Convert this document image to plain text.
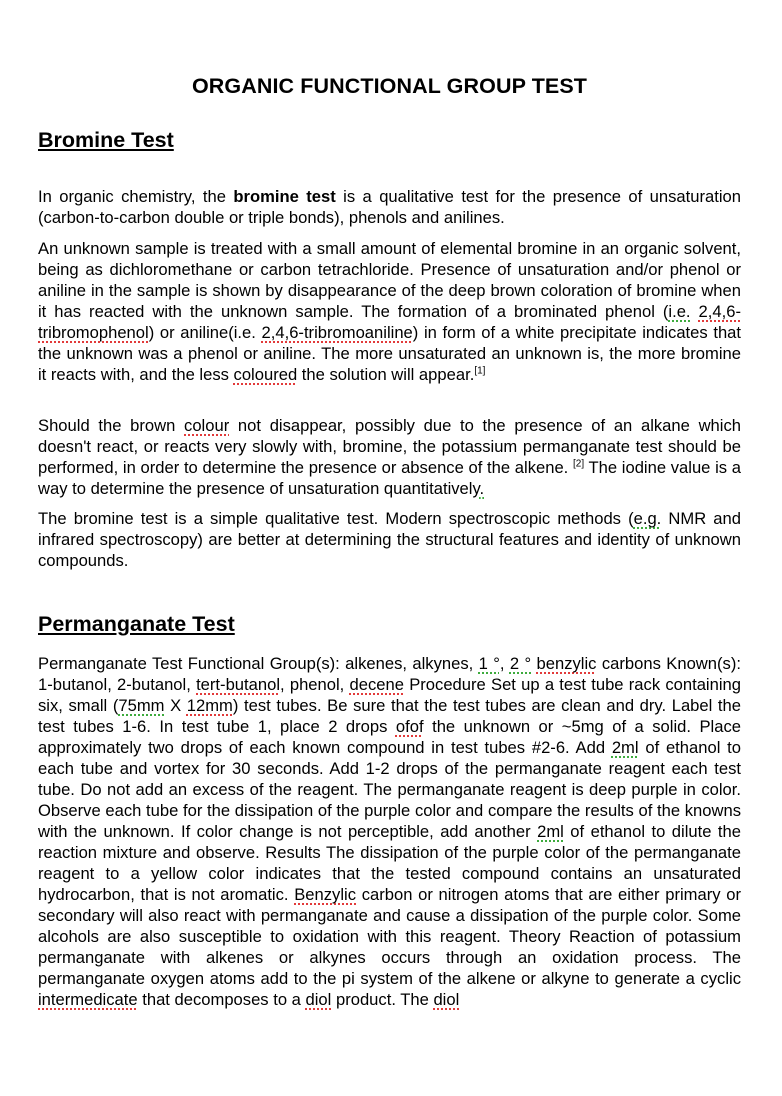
ORGANIC FUNCTIONAL GROUP TEST
Bromine Test

In organic chemistry, the bromine test is a qualitative test for the presence of unsaturation (carbon-to-carbon double or triple bonds), phenols and anilines.

An unknown sample is treated with a small amount of elemental bromine in an organic solvent, being as dichloromethane or carbon tetrachloride. Presence of unsaturation and/or phenol or aniline in the sample is shown by disappearance of the deep brown coloration of bromine when it has reacted with the unknown sample. The formation of a brominated phenol (i.e. 2,4,6-tribromophenol) or aniline(i.e. 2,4,6-tribromoaniline) in form of a white precipitate indicates that the unknown was a phenol or aniline. The more unsaturated an unknown is, the more bromine it reacts with, and the less coloured the solution will appear.[1]

Should the brown colour not disappear, possibly due to the presence of an alkane which doesn't react, or reacts very slowly with, bromine, the potassium permanganate test should be performed, in order to determine the presence or absence of the alkene. [2] The iodine value is a way to determine the presence of unsaturation quantitatively.

The bromine test is a simple qualitative test. Modern spectroscopic methods (e.g. NMR and infrared spectroscopy) are better at determining the structural features and identity of unknown compounds.

Permanganate Test

Permanganate Test Functional Group(s): alkenes, alkynes, 1 °, 2 ° benzylic carbons Known(s): 1-butanol, 2-butanol, tert-butanol, phenol, decene Procedure Set up a test tube rack containing six, small (75mm X 12mm) test tubes. Be sure that the test tubes are clean and dry. Label the test tubes 1-6. In test tube 1, place 2 drops ofof the unknown or ~5mg of a solid. Place approximately two drops of each known compound in test tubes #2-6. Add 2ml of ethanol to each tube and vortex for 30 seconds. Add 1-2 drops of the permanganate reagent each test tube. Do not add an excess of the reagent. The permanganate reagent is deep purple in color. Observe each tube for the dissipation of the purple color and compare the results of the knowns with the unknown. If color change is not perceptible, add another 2ml of ethanol to dilute the reaction mixture and observe. Results The dissipation of the purple color of the permanganate reagent to a yellow color indicates that the tested compound contains an unsaturated hydrocarbon, that is not aromatic. Benzylic carbon or nitrogen atoms that are either primary or secondary will also react with permanganate and cause a dissipation of the purple color. Some alcohols are also susceptible to oxidation with this reagent. Theory Reaction of potassium permanganate with alkenes or alkynes occurs through an oxidation process. The permanganate oxygen atoms add to the pi system of the alkene or alkyne to generate a cyclic intermedicate that decomposes to a diol product. The diol
